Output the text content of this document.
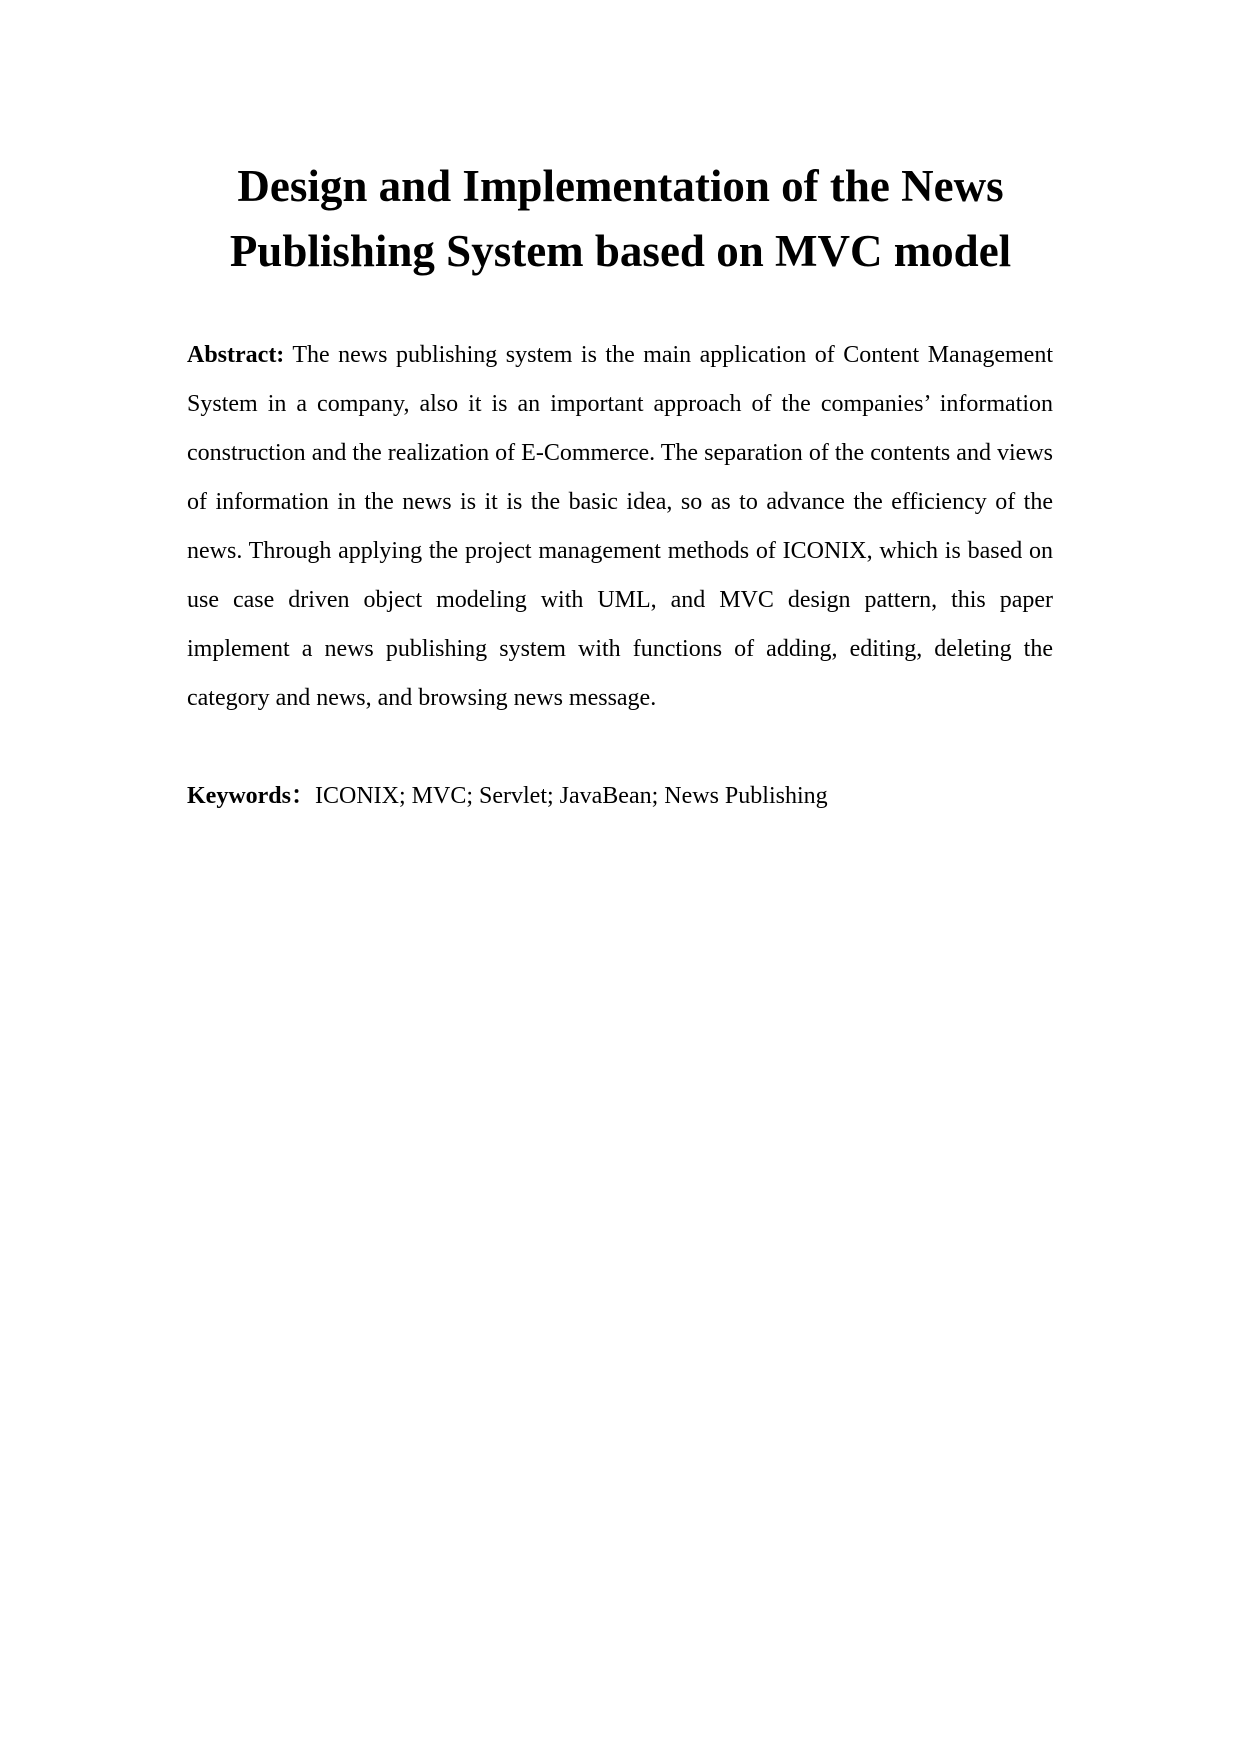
Design and Implementation of the News
Publishing System based on MVC model

Abstract: The news publishing system is the main application of Content Management System in a company, also it is an important approach of the companies’ information construction and the realization of E-Commerce. The separation of the contents and views of information in the news is it is the basic idea, so as to advance the efficiency of the news. Through applying the project management methods of ICONIX, which is based on use case driven object modeling with UML, and MVC design pattern, this paper implement a news publishing system with functions of adding, editing, deleting the category and news, and browsing news message.

Keywords：ICONIX; MVC; Servlet; JavaBean; News Publishing
